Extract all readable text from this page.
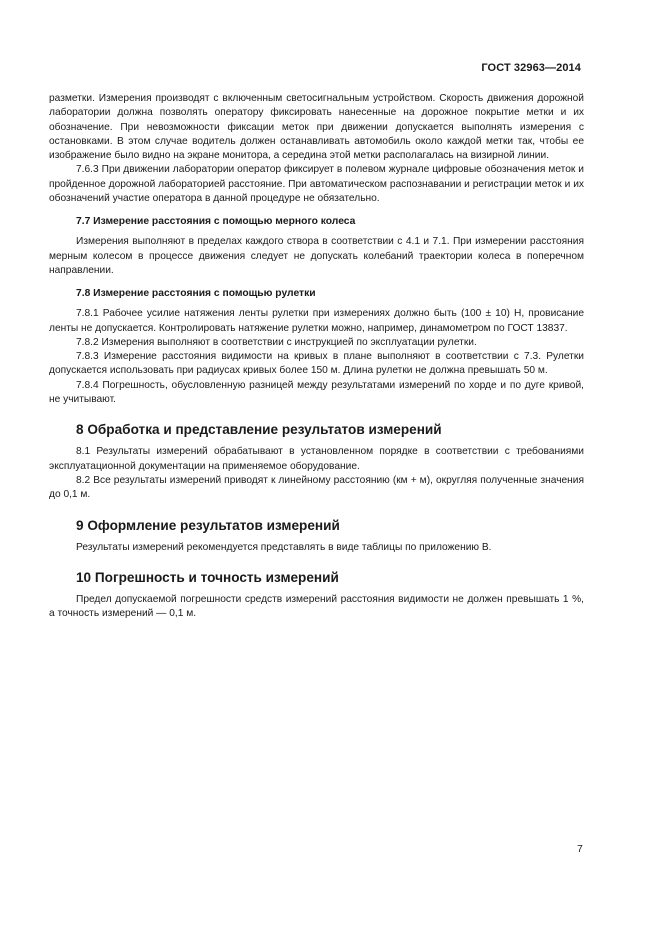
ГОСТ 32963—2014

разметки. Измерения производят с включенным светосигнальным устройством. Скорость движения дорожной лаборатории должна позволять оператору фиксировать нанесенные на дорожное покрытие метки и их обозначение. При невозможности фиксации меток при движении допускается выполнять измерения с остановками. В этом случае водитель должен останавливать автомобиль около каждой метки так, чтобы ее изображение было видно на экране монитора, а середина этой метки располагалась на визирной линии.

7.6.3 При движении лаборатории оператор фиксирует в полевом журнале цифровые обозначения меток и пройденное дорожной лабораторией расстояние. При автоматическом распознавании и регистрации меток и их обозначений участие оператора в данной процедуре не обязательно.

7.7 Измерение расстояния с помощью мерного колеса

Измерения выполняют в пределах каждого створа в соответствии с 4.1 и 7.1. При измерении расстояния мерным колесом в процессе движения следует не допускать колебаний траектории колеса в поперечном направлении.

7.8 Измерение расстояния с помощью рулетки

7.8.1 Рабочее усилие натяжения ленты рулетки при измерениях должно быть (100 ± 10) Н, провисание ленты не допускается. Контролировать натяжение рулетки можно, например, динамометром по ГОСТ 13837.

7.8.2 Измерения выполняют в соответствии с инструкцией по эксплуатации рулетки.

7.8.3 Измерение расстояния видимости на кривых в плане выполняют в соответствии с 7.3. Рулетки допускается использовать при радиусах кривых более 150 м. Длина рулетки не должна превышать 50 м.

7.8.4 Погрешность, обусловленную разницей между результатами измерений по хорде и по дуге кривой, не учитывают.

8 Обработка и представление результатов измерений

8.1 Результаты измерений обрабатывают в установленном порядке в соответствии с требованиями эксплуатационной документации на применяемое оборудование.

8.2 Все результаты измерений приводят к линейному расстоянию (км + м), округляя полученные значения до 0,1 м.

9 Оформление результатов измерений

Результаты измерений рекомендуется представлять в виде таблицы по приложению В.

10 Погрешность и точность измерений

Предел допускаемой погрешности средств измерений расстояния видимости не должен превышать 1 %, а точность измерений — 0,1 м.

7
